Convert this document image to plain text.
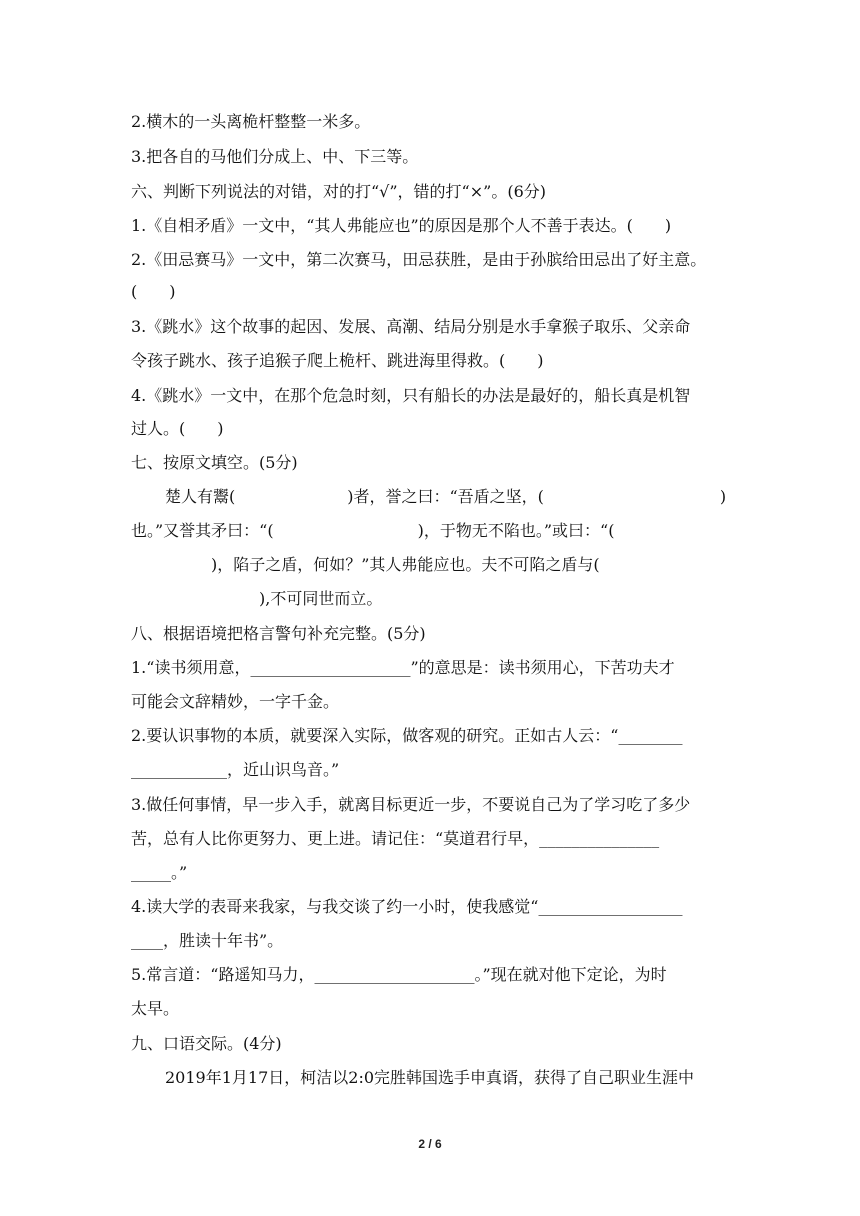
2.横木的一头离桅杆整整一米多。
3.把各自的马他们分成上、中、下三等。
六、判断下列说法的对错，对的打“√”，错的打“×”。(6分)
1.《自相矛盾》一文中，“其人弗能应也”的原因是那个人不善于表达。(　　)
2.《田忌赛马》一文中，第二次赛马，田忌获胜，是由于孙膑给田忌出了好主意。
(　　)
3.《跳水》这个故事的起因、发展、高潮、结局分别是水手拿猴子取乐、父亲命
令孩子跳水、孩子追猴子爬上桅杆、跳进海里得救。(　　)
4.《跳水》一文中，在那个危急时刻，只有船长的办法是最好的，船长真是机智
过人。(　　)
七、按原文填空。(5分)
楚人有鬻(　　　　　　　)者，誉之曰：“吾盾之坚，(　　　　　　　　　　　)
也。”又誉其矛曰：“(　　　　　　　　　)，于物无不陷也。”或曰：“(
　　　　　)，陷子之盾，何如？”其人弗能应也。夫不可陷之盾与(
　　　　　　　　),不可同世而立。
八、根据语境把格言警句补充完整。(5分)
1.“读书须用意，____________________”的意思是：读书须用心，下苦功夫才
可能会文辞精妙，一字千金。
2.要认识事物的本质，就要深入实际，做客观的研究。正如古人云：“________
____________，近山识鸟音。”
3.做任何事情，早一步入手，就离目标更近一步，不要说自己为了学习吃了多少
苦，总有人比你更努力、更上进。请记住：“莫道君行早，_______________
_____。”
4.读大学的表哥来我家，与我交谈了约一小时，使我感觉“__________________
____，胜读十年书”。
5.常言道：“路遥知马力，____________________。”现在就对他下定论，为时
太早。
九、口语交际。(4分)
2019年1月17日，柯洁以2:0完胜韩国选手申真谞，获得了自己职业生涯中
2 / 6
